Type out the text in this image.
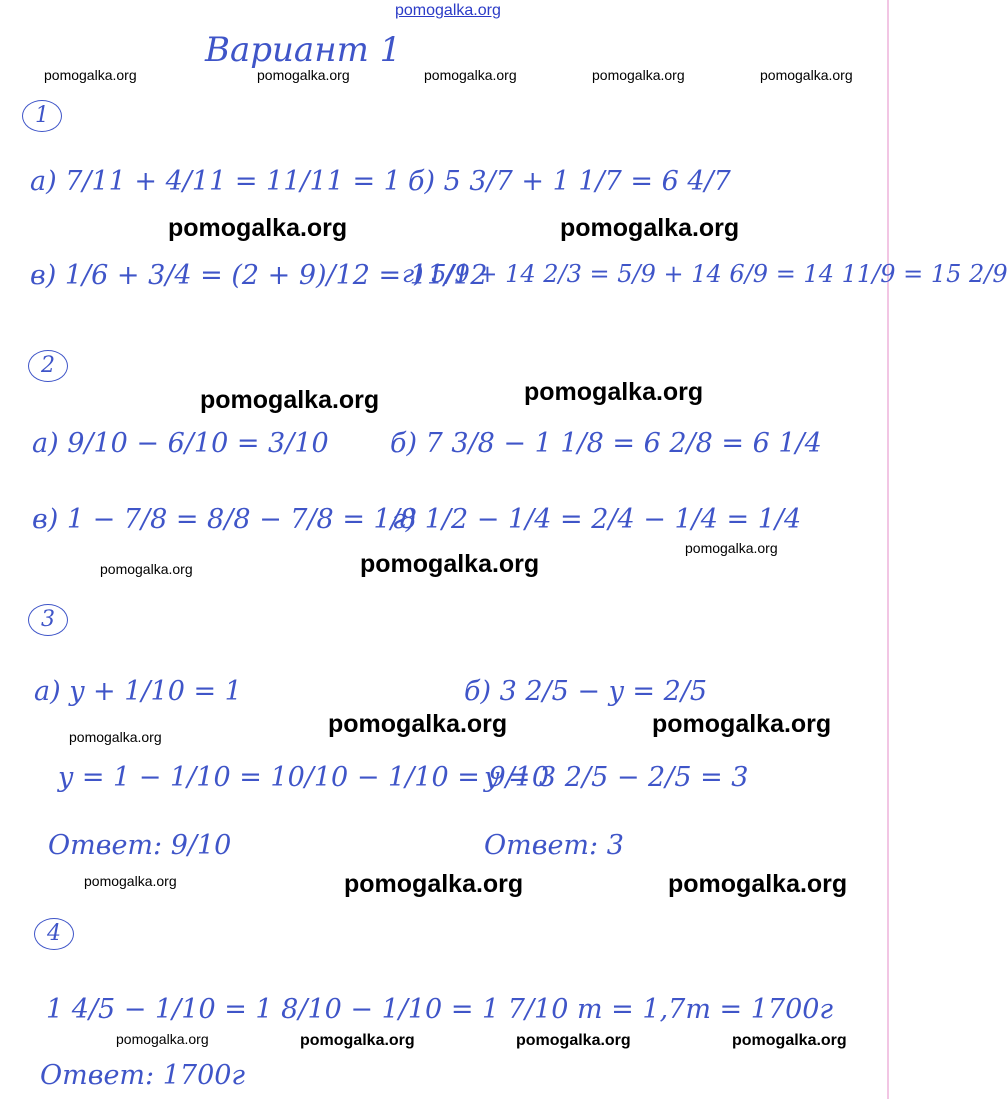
pomogalka.org
Вариант 1
pomogalka.org	pomogalka.org	pomogalka.org	pomogalka.org	pomogalka.org
pomogalka.org	pomogalka.org
pomogalka.org
pomogalka.org
pomogalka.org
pomogalka.org
pomogalka.org
pomogalka.org	pomogalka.org	pomogalka.org
pomogalka.org	pomogalka.org	pomogalka.org
pomogalka.org	pomogalka.org	pomogalka.org	pomogalka.org
1
а) 7/11 + 4/11 = 11/11 = 1 б) 5 3/7 + 1 1/7 = 6 4/7
в) 1/6 + 3/4 = (2 + 9)/12 = 11/12
г) 5/9 + 14 2/3 = 5/9 + 14 6/9 = 14 11/9 = 15 2/9
2
а) 9/10 − 6/10 = 3/10 б) 7 3/8 − 1 1/8 = 6 2/8 = 6 1/4
в) 1 − 7/8 = 8/8 − 7/8 = 1/8
г) 1/2 − 1/4 = 2/4 − 1/4 = 1/4
3
а) y + 1/10 = 1	б) 3 2/5 − y = 2/5
y = 1 − 1/10 = 10/10 − 1/10 = 9/10
y = 3 2/5 − 2/5 = 3
Ответ: 9/10	Ответ: 3
4
1 4/5 − 1/10 = 1 8/10 − 1/10 = 1 7/10 m = 1,7m = 1700г
Ответ: 1700г
